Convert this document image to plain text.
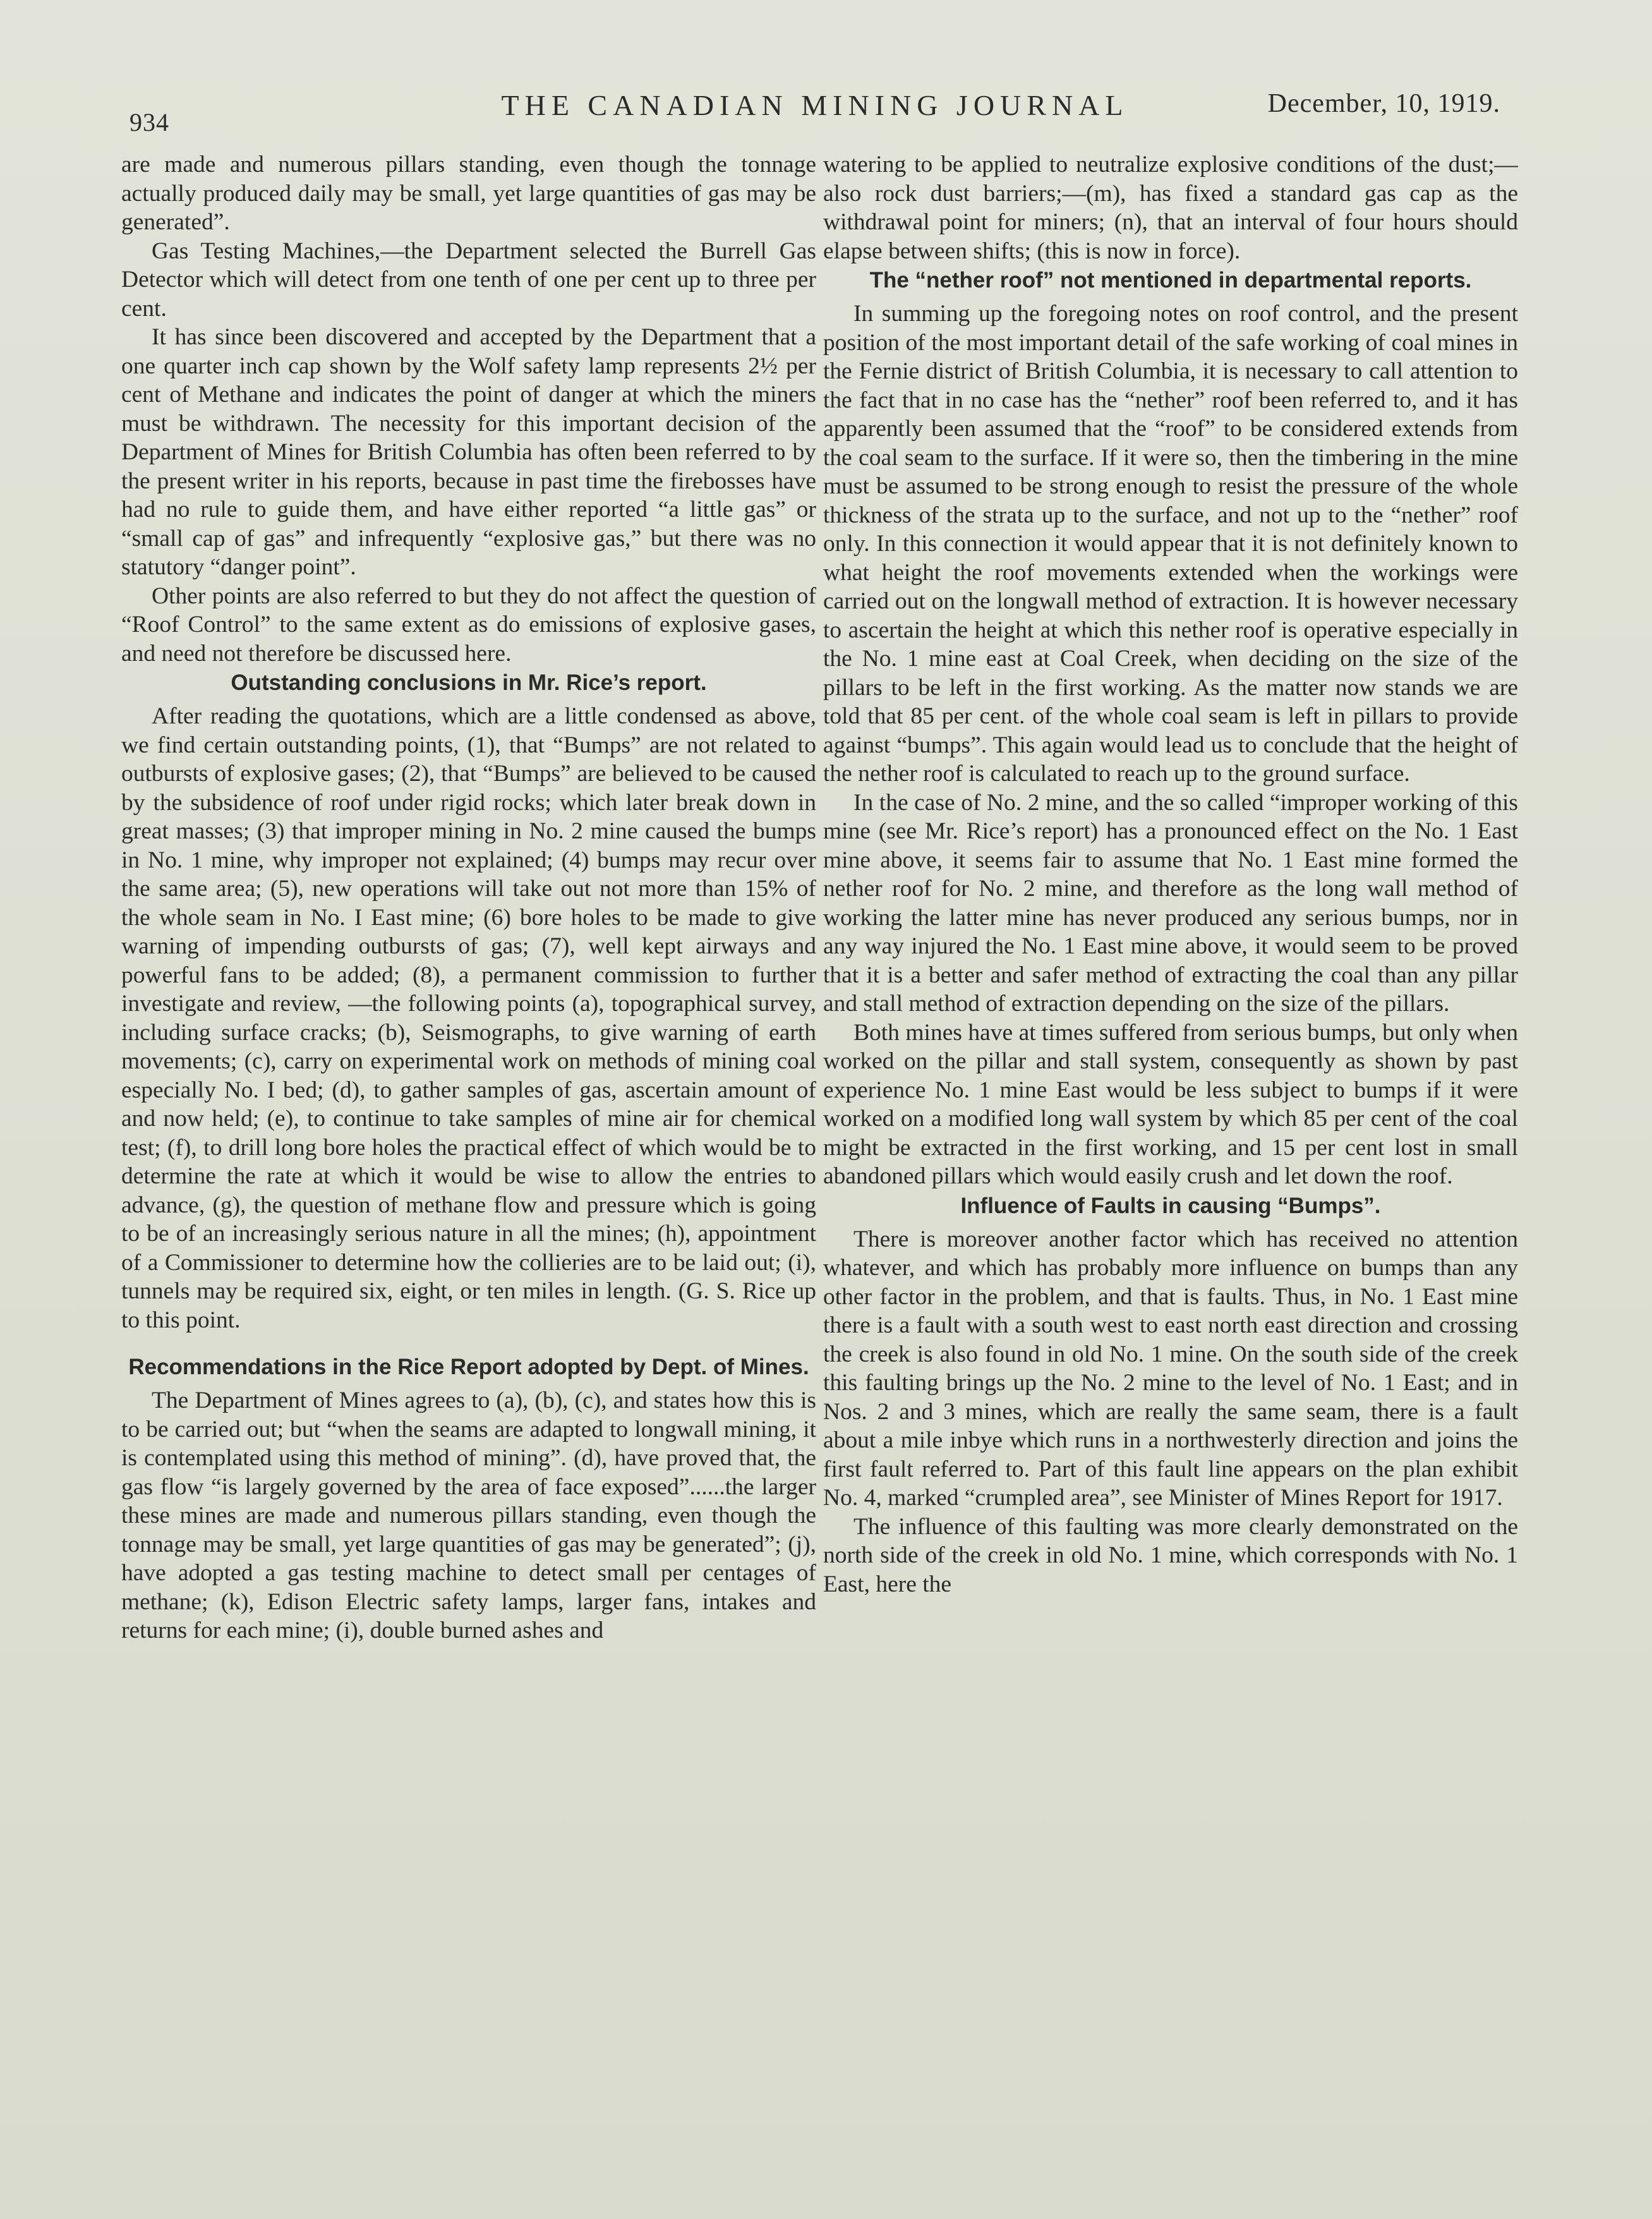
934
THE CANADIAN MINING JOURNAL	December, 10, 1919.

are made and numerous pillars standing, even though the tonnage actually produced daily may be small, yet large quantities of gas may be generated”.

Gas Testing Machines,—the Department selected the Burrell Gas Detector which will detect from one tenth of one per cent up to three per cent.

It has since been discovered and accepted by the Department that a one quarter inch cap shown by the Wolf safety lamp represents 2½ per cent of Methane and indicates the point of danger at which the miners must be withdrawn. The necessity for this important decision of the Department of Mines for British Columbia has often been referred to by the present writer in his reports, because in past time the firebosses have had no rule to guide them, and have either reported “a little gas” or “small cap of gas” and infrequently “explosive gas,” but there was no statutory “danger point”.

Other points are also referred to but they do not affect the question of “Roof Control” to the same extent as do emissions of explosive gases, and need not therefore be discussed here.

Outstanding conclusions in Mr. Rice’s report.

After reading the quotations, which are a little condensed as above, we find certain outstanding points, (1), that “Bumps” are not related to outbursts of explosive gases; (2), that “Bumps” are believed to be caused by the subsidence of roof under rigid rocks; which later break down in great masses; (3) that improper mining in No. 2 mine caused the bumps in No. 1 mine, why improper not explained; (4) bumps may recur over the same area; (5), new operations will take out not more than 15% of the whole seam in No. I East mine; (6) bore holes to be made to give warning of impending outbursts of gas; (7), well kept airways and powerful fans to be added; (8), a permanent commission to further investigate and review, —the following points (a), topographical survey, including surface cracks; (b), Seismographs, to give warning of earth movements; (c), carry on experimental work on methods of mining coal especially No. I bed; (d), to gather samples of gas, ascertain amount of and now held; (e), to continue to take samples of mine air for chemical test; (f), to drill long bore holes the practical effect of which would be to determine the rate at which it would be wise to allow the entries to advance, (g), the question of methane flow and pressure which is going to be of an increasingly serious nature in all the mines; (h), appointment of a Commissioner to determine how the collieries are to be laid out; (i), tunnels may be required six, eight, or ten miles in length. (G. S. Rice up to this point.

Recommendations in the Rice Report adopted by Dept. of Mines.

The Department of Mines agrees to (a), (b), (c), and states how this is to be carried out; but “when the seams are adapted to longwall mining, it is contemplated using this method of mining”. (d), have proved that, the gas flow “is largely governed by the area of face exposed”......the larger these mines are made and numerous pillars standing, even though the tonnage may be small, yet large quantities of gas may be generated”; (j), have adopted a gas testing machine to detect small per centages of methane; (k), Edison Electric safety lamps, larger fans, intakes and returns for each mine; (i), double burned ashes and

watering to be applied to neutralize explosive conditions of the dust;—also rock dust barriers;—(m), has fixed a standard gas cap as the withdrawal point for miners; (n), that an interval of four hours should elapse between shifts; (this is now in force).

The “nether roof” not mentioned in departmental reports.

In summing up the foregoing notes on roof control, and the present position of the most important detail of the safe working of coal mines in the Fernie district of British Columbia, it is necessary to call attention to the fact that in no case has the “nether” roof been referred to, and it has apparently been assumed that the “roof” to be considered extends from the coal seam to the surface. If it were so, then the timbering in the mine must be assumed to be strong enough to resist the pressure of the whole thickness of the strata up to the surface, and not up to the “nether” roof only. In this connection it would appear that it is not definitely known to what height the roof movements extended when the workings were carried out on the longwall method of extraction. It is however necessary to ascertain the height at which this nether roof is operative especially in the No. 1 mine east at Coal Creek, when deciding on the size of the pillars to be left in the first working. As the matter now stands we are told that 85 per cent. of the whole coal seam is left in pillars to provide against “bumps”. This again would lead us to conclude that the height of the nether roof is calculated to reach up to the ground surface.

In the case of No. 2 mine, and the so called “improper working of this mine (see Mr. Rice’s report) has a pronounced effect on the No. 1 East mine above, it seems fair to assume that No. 1 East mine formed the nether roof for No. 2 mine, and therefore as the long wall method of working the latter mine has never produced any serious bumps, nor in any way injured the No. 1 East mine above, it would seem to be proved that it is a better and safer method of extracting the coal than any pillar and stall method of extraction depending on the size of the pillars.

Both mines have at times suffered from serious bumps, but only when worked on the pillar and stall system, consequently as shown by past experience No. 1 mine East would be less subject to bumps if it were worked on a modified long wall system by which 85 per cent of the coal might be extracted in the first working, and 15 per cent lost in small abandoned pillars which would easily crush and let down the roof.

Influence of Faults in causing “Bumps”.

There is moreover another factor which has received no attention whatever, and which has probably more influence on bumps than any other factor in the problem, and that is faults. Thus, in No. 1 East mine there is a fault with a south west to east north east direction and crossing the creek is also found in old No. 1 mine. On the south side of the creek this faulting brings up the No. 2 mine to the level of No. 1 East; and in Nos. 2 and 3 mines, which are really the same seam, there is a fault about a mile inbye which runs in a northwesterly direction and joins the first fault referred to. Part of this fault line appears on the plan exhibit No. 4, marked “crumpled area”, see Minister of Mines Report for 1917.

The influence of this faulting was more clearly demonstrated on the north side of the creek in old No. 1 mine, which corresponds with No. 1 East, here the
